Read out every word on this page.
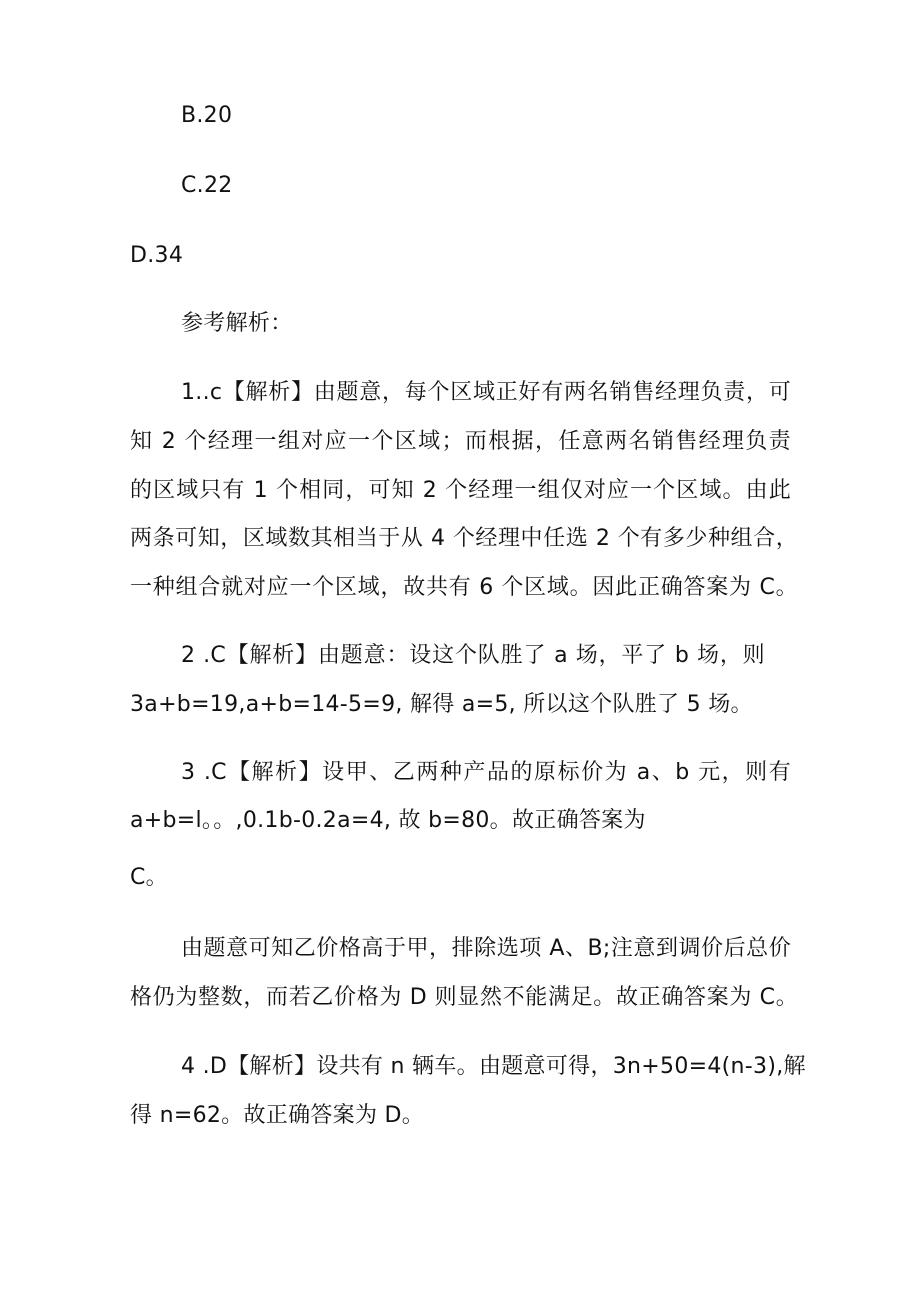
B.20
C.22
D.34
参考解析：
1..c【解析】由题意，每个区域正好有两名销售经理负责，可
知 2 个经理一组对应一个区域；而根据，任意两名销售经理负责
的区域只有 1 个相同，可知 2 个经理一组仅对应一个区域。由此
两条可知，区域数其相当于从 4 个经理中任选 2 个有多少种组合，
一种组合就对应一个区域，故共有 6 个区域。因此正确答案为 C。
2 .C【解析】由题意：设这个队胜了 a 场，平了 b 场，则
3a+b=19,a+b=14-5=9, 解得 a=5, 所以这个队胜了 5 场。
3 .C【解析】设甲、乙两种产品的原标价为 a、b 元，则有
a+b=l。。,0.1b-0.2a=4, 故 b=80。故正确答案为
C。
由题意可知乙价格高于甲，排除选项 A、B;注意到调价后总价
格仍为整数，而若乙价格为 D 则显然不能满足。故正确答案为 C。
4 .D【解析】设共有 n 辆车。由题意可得，3n+50=4(n-3),解
得 n=62。故正确答案为 D。
